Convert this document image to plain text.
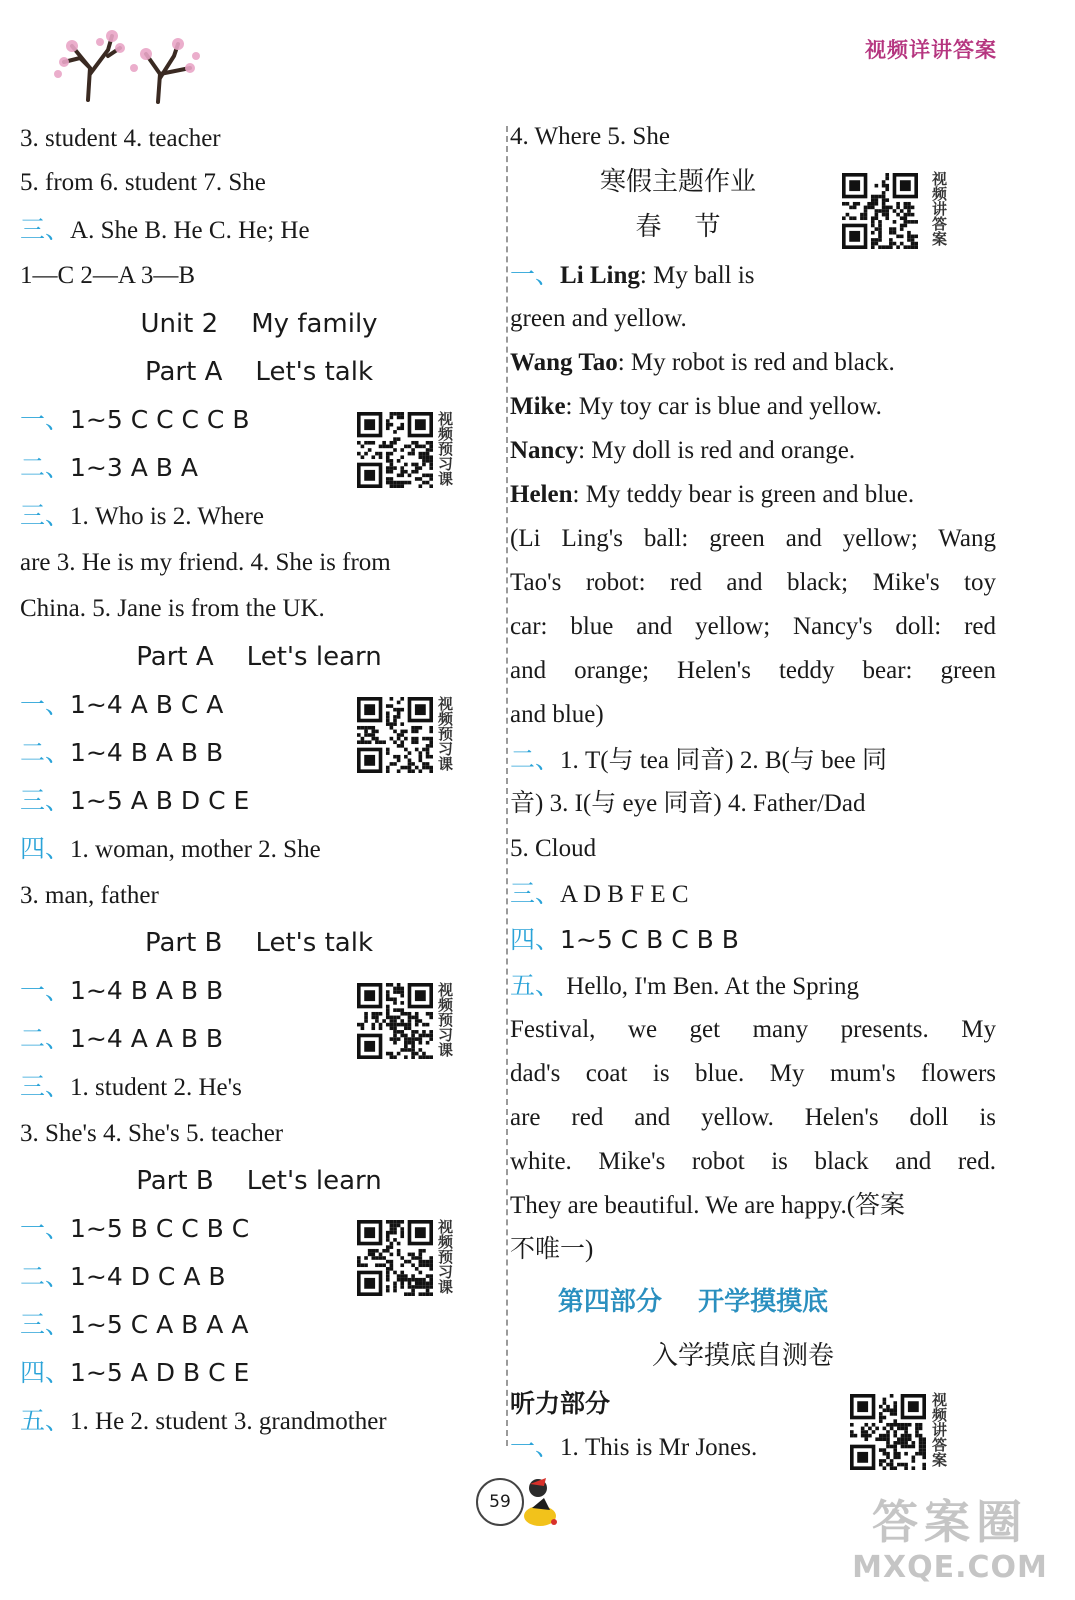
视频详讲答案
3. student 4. teacher
5. from 6. student 7. She
三、A. She B. He C. He; He
1—C 2—A 3—B
Unit 2    My family
Part A    Let's talk
一、1~5 C C C C B
二、1~3 A B A
三、1. Who is 2. Where
are 3. He is my friend. 4. She is from
China. 5. Jane is from the UK.
Part A    Let's learn
一、1~4 A B C A
二、1~4 B A B B
三、1~5 A B D C E
四、1. woman, mother 2. She
3. man, father
Part B    Let's talk
一、1~4 B A B B
二、1~4 A A B B
三、1. student 2. He's
3. She's 4. She's 5. teacher
Part B    Let's learn
一、1~5 B C C B C
二、1~4 D C A B
三、1~5 C A B A A
四、1~5 A D B C E
五、1. He 2. student 3. grandmother
视频预习课
视频预习课
视频预习课
视频预习课
4. Where 5. She
寒假主题作业
春    节
一、Li Ling: My ball is
green and yellow.
Wang Tao: My robot is red and black.
Mike: My toy car is blue and yellow.
Nancy: My doll is red and orange.
Helen: My teddy bear is green and blue.
(Li Ling's ball: green and yellow; Wang
Tao's robot: red and black; Mike's toy
car: blue and yellow; Nancy's doll: red
and orange; Helen's teddy bear: green
and blue)
二、1. T(与 tea 同音) 2. B(与 bee 同
音) 3. I(与 eye 同音) 4. Father/Dad
5. Cloud
三、A D B F E C
四、1~5 C B C B B
五、 Hello, I'm Ben. At the Spring
Festival, we get many presents. My
dad's coat is blue. My mum's flowers
are red and yellow. Helen's doll is
white. Mike's robot is black and red.
They are beautiful. We are happy.(答案
不唯一)
第四部分    开学摸摸底
入学摸底自测卷
听力部分
一、1. This is Mr Jones.
视频讲答案
视频讲答案
59	答案圈
MXQE.COM
